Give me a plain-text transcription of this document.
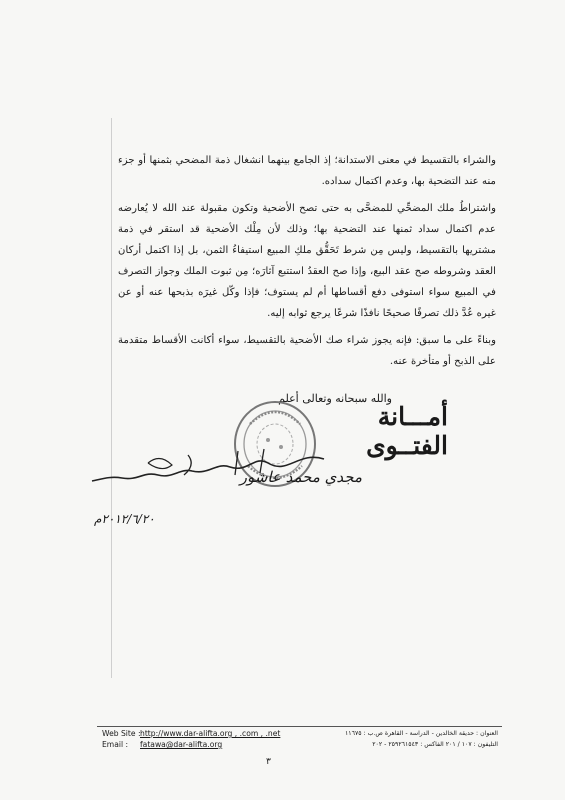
والشراء بالتقسيط في معنى الاستدانة؛ إذ الجامع بينهما انشغال ذمة المضحي بثمنها أو جزء منه عند التضحية بها، وعدم اكتمال سداده.

واشتراطُ ملك المضحِّي للمضحَّى به حتى تصح الأضحية وتكون مقبولة عند الله لا يُعارضه عدم اكتمال سداد ثمنها عند التضحية بها؛ وذلك لأن مِلْك الأضحية قد استقر في ذمة مشتريها بالتقسيط، وليس مِن شرط تَحَقُّق ملكِ المبيع استيفاءُ الثمن، بل إذا اكتمل أركان العقد وشروطه صح عقد البيع، وإذا صح العقدُ استتبع آثارَه؛ مِن ثبوت الملك وجواز التصرف في المبيع سواء استوفى دفع أقساطها أم لم يستوف؛ فإذا وكّل غيرَه بذبحها عنه أو عن غيره عُدَّ ذلك تصرفًا صحيحًا نافذًا شرعًا يرجع ثوابه إليه.

وبناءً على ما سبق: فإنه يجوز شراء صك الأضحية بالتقسيط، سواء أكانت الأقساط متقدمة على الذبح أو متأخرة عنه.

والله سبحانه وتعالى أعلم
أمـــانة الفتــوى
مجدي محمد عاشور
٢٠١٢/٦/٢٠م
Web Site : http://www.dar-alifta.org , .com , .net
Email :	fatawa@dar-alifta.org
العنوان : حديقة الخالدين - الدراسة - القاهرة ص.ب : ١١٦٧٥
التليفون : ١٠٧ / ٢٠١ الفاكس : ٢٥٩٢٦١٥٤٣ - ٢٠٢
٣
